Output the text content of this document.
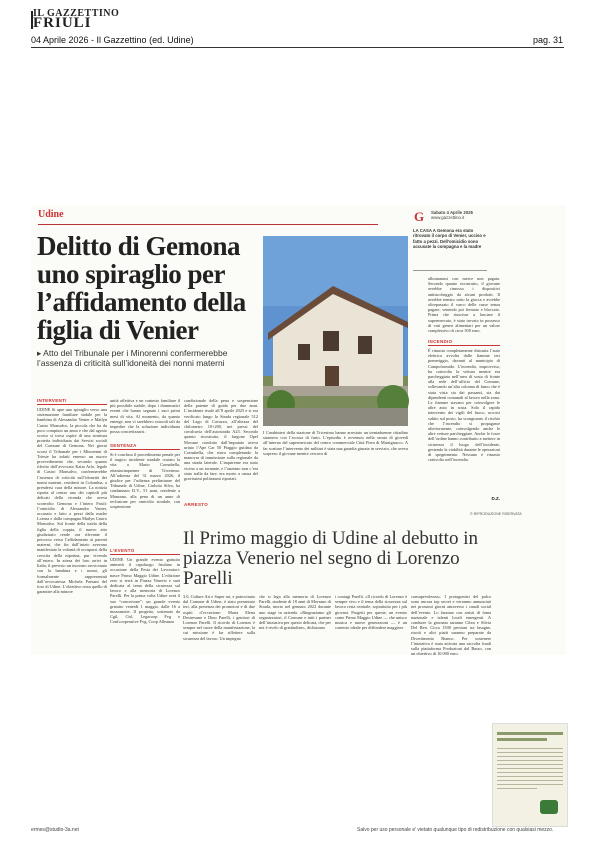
IL GAZZETTINO
FRIULI
04 Aprile 2026 - Il Gazzettino (ed. Udine)	pag. 31
Udine	G Sabato 4 Aprile 2026
www.gazzettino.it
Delitto di Gemona uno spiraglio per l’affidamento della figlia di Venier
▸ Atto del Tribunale per i Minorenni confermerebbe l’assenza di criticità sull’idoneità dei nonni materni
INTERVENTI
UDINE Si apre uno spiraglio verso una sistemazione familiare stabile per la bambina di Alessandro Venier e Mailyn Castro Monsalvo, la piccola che ha da poco compiuto un anno e che dal agosto scorso si trova ospite di una struttura protetta individuata dai Servizi sociali del Comune di Gemona. Nei giorni scorsi il Tribunale per i Minorenni di Trieste ha infatti emesso un nuovo provvedimento che, secondo quanto riferito dall’avvocato Katia Arfo, legale di Castro Monsalvo, confermerebbe l’assenza di criticità sull’idoneità dei nonni materni, residenti in Colombia, a prendersi cura della minore. La notizia riporta al centro uno dei capitoli più delicati della vicenda che aveva sconvolto Gemona e l’intero Friuli: l’omicidio di Alessandro Venier, accusato e fatto a pezzi dalla madre Lorena e dalla compagna Mailyn Castro Monsalvo. Sul fronte della tutela della figlia della coppia, il nuovo atto giudiziario rende ora rilevante il percorso verso l’affidamento ai parenti materni, che fin dall’inizio avevano manifestato la volontà di occuparsi della crescita della nipotina, pur vivendo all’estero. In attesa dei loro arrivi in Italia, il previsto un incontro ravvicinato con la bambina e i nonni, gli formalmente rappresentati dall’avvocatessa Michela Paesani del foro di Udine. L’obiettivo resta quello di garantire alla minore
unità affettiva e un contesto familiare il più possibile stabile, dopo i drammatici eventi che hanno segnato i suoi primi mesi di vita. Al momento, da quanto emerge, non vi sarebbero ostacoli tali da impedire che la soluzione individuata possa concretizzarsi.
SENTENZA
Si è concluso il procedimento penale per il tragico incidente stradale costato la vita a Mario Cornabella, ottantacinquenne di Tricesimo. All’udienza del 31 marzo 2026, il giudice per l’udienza preliminare del Tribunale di Udine, Carlotta Silva, ha condannato D.V., 51 anni, residente a Manzano, alla pena di un anno di reclusione per omicidio stradale, con sospensione
L’EVENTO
UDINE Un grande evento gratuito animerà il capoluogo friulano in occasione della Festa dei Lavoratori: nasce Primo Maggio Udine. L’edizione zero si terrà in Piazza Venerio e sarà dedicata al tema della sicurezza sul lavoro e alla memoria di Lorenzo Parelli. Per la prima volta Udine avrà il suo “concertone”: un grande evento gratuito venerdì 1 maggio, dalle 16 a mezzanotte. Il progetto, sostenuto da Cgil, Cisl, Legacoop Fvg e Confcooperative Fvg, Coop Alleanza
condizionale della pena e sospensione della patente di guida per due anni. L’incidente risale all’8 aprile 2025 e si era verificato lungo la Strada regionale 512 del Lago di Cavazzo, all’altezza del chilometro 18+200, nei pressi del cavalcavia dell’autostrada A23. Secondo quanto ricostruito, il furgone Opel Movano condotto dall’imputato aveva urtato l’Ape Car 50 Piaggio guidata da Cornabella, che stava completando la manovra di immissione sulla regionale da una strada laterale. L’inquirente era stato vicino a un tornante, e l’anziano non c’era stato tralla da fare: era morto a causa del gravissimi politraumi riportati.
ARRESTO
I Carabinieri della stazione di Tricesimo hanno arrestato un trentaduenne cittadino straniero con l’accusa di furto. L’episodio è avvenuto nella serata di giovedì all’interno del supermercato del centro commerciale Città Fiera di Martignacco. A far scattare l’intervento dei militari è stata una guardia giurata in servizio, che aveva sorpreso il giovane mentre cercava di
LA CASA A Gemona era stato ritrovato il corpo di Venier, ucciso e fatto a pezzi. Dell’omicidio sono accusate la compagna e la madre
allontanarsi con merce non pagata. Secondo quanto ricostruito, il giovane avrebbe rimosso i dispositivi antitaccheggio da alcuni prodotti. Il avrebbe tentato sotto la giacca e avrebbe oltrepassato il varco delle casse senza pagare, venendo poi fermato e bloccato. Prima che riuscisse a lasciare il supermercato, è stato trovato in possesso di vari generi alimentari per un valore complessivo di circa 300 euro.
INCENDIO
È rimasta completamente distrutta l’auto elettrica avvolta dalle fiamme ieri pomeriggio, davanti al municipio di Campoformido. L’incendio, improvviso, ha coinvolto la vettura mentre era parcheggiata nell’area di sosta di fronte alla sede dell’ufficio del Comune, sollevando un’alta colonna di fumo che è stata vista sia dai passanti, sia dai dipendenti comunali al lavoro nella zona. Le fiamme stavano per coinvolgere le altre auto in sosta. Solo il rapido intervento dei vigili del fuoco, accorsi subito sul posto, ha scongiurato il rischio che l’incendio si propagasse ulteriormente, coinvolgendo anche le altre vetture parcheggiate. Anche le forze dell’ordine hanno contribuito a mettere in sicurezza il luogo dell’incidente, gestendo la viabilità durante le operazioni di spegnimento. Nessuno è rimasto coinvolto nell’incendio.
D.Z.
© RIPRODUZIONE RISERVATA
Il Primo maggio di Udine al debutto in piazza Venerio nel segno di Lorenzo Parelli
3.0, Culture Art e Super art, e patrocinato dal Comune di Udine, è stato presentato ieri, alla presenza dei promotori e di due ospiti d’eccezione: Maria Elena Desiresano e Dino Parelli, i genitori di Lorenzo Parelli. Il ricordo di Lorenzo è sempre nel cuore della manifestazione, la cui missione è far riflettere sulla sicurezza del lavoro. Un impegno
che si lega alla memoria di Lorenzo Parelli, studente di 18 anni di Morsano di Strada, morto nel gennaio 2022 durante uno stage in azienda. «Ringraziamo gli organizzatori, il Comune e tutti i partner dell’iniziativa per questo delicata, che per noi è rivelo di gratitudine», dichiarano
i coniugi Parelli. «Il ricordo di Lorenzo è sempre vivo e il tema della sicurezza sul lavoro resta centrale, soprattutto per i più giovani. Progetti per queste, un evento come Primo Maggio Udine — che unisce musica e nuove generazioni — è un contesto ideale per diffondere maggiore
consapevolezza». I protagonisti del palco sono ancora top secret e verranno annunciati nei prossimi giorni attraverso i canali social dell’evento. Lo faranno con artisti di fama nazionale e talenti locali emergenti. A condurre la giornata saranno Cibra e Silvia Del Ben. Circa 1500 persioni tra lasagne, risotti e altri piatti saranno preparate da Divertimento Bianco. Per sostenere l’iniziativa è stata attivata una raccolta fondi sulla piattaforma Produzioni dal Basso, con un obiettivo di 10.000 euro.
ermes@studio-3a.net	Salvo per uso personale e' vietato qualunque tipo di redistribuzione con qualsiasi mezzo.
